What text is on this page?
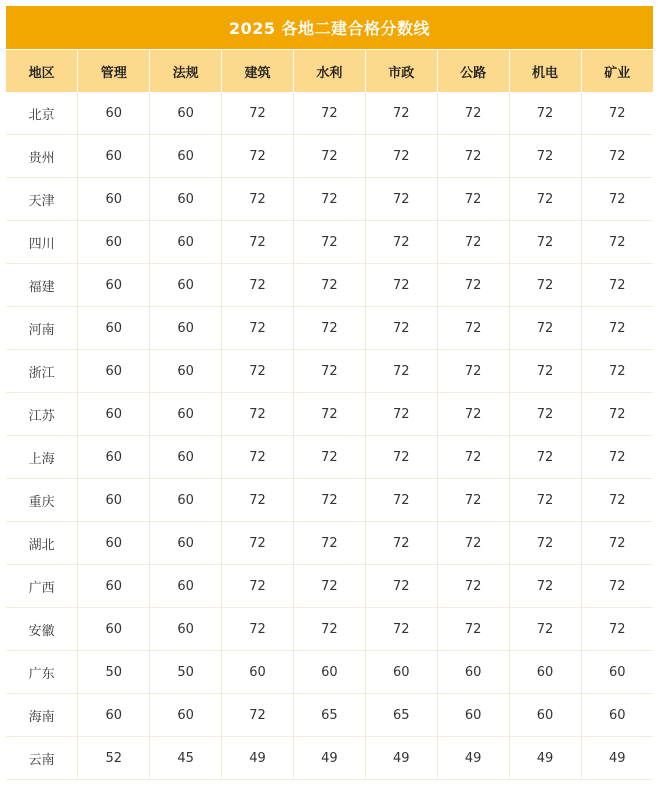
2025 各地二建合格分数线
地区	管理	法规	建筑	水利	市政	公路	机电	矿业
北京	60	60	72	72	72	72	72	72
贵州	60	60	72	72	72	72	72	72
天津	60	60	72	72	72	72	72	72
四川	60	60	72	72	72	72	72	72
福建	60	60	72	72	72	72	72	72
河南	60	60	72	72	72	72	72	72
浙江	60	60	72	72	72	72	72	72
江苏	60	60	72	72	72	72	72	72
上海	60	60	72	72	72	72	72	72
重庆	60	60	72	72	72	72	72	72
湖北	60	60	72	72	72	72	72	72
广西	60	60	72	72	72	72	72	72
安徽	60	60	72	72	72	72	72	72
广东	50	50	60	60	60	60	60	60
海南	60	60	72	65	65	60	60	60
云南	52	45	49	49	49	49	49	49
